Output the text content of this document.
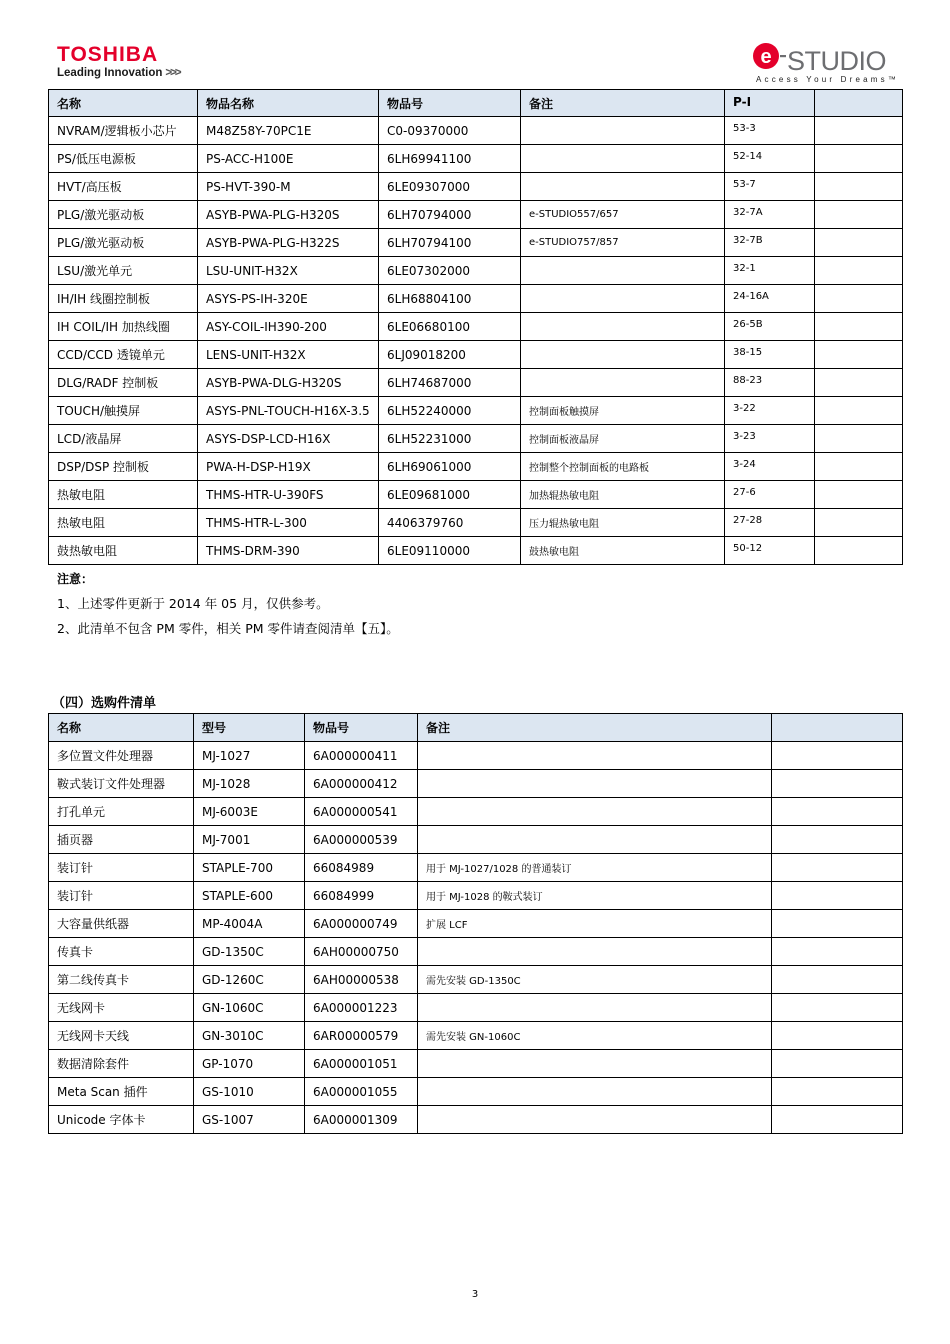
TOSHIBA
Leading Innovation >>>
e STUDIO
Access Your Dreams™
名称	物品名称	物品号	备注	P-I	
NVRAM/逻辑板小芯片	M48Z58Y-70PC1E	C0-09370000		53-3	
PS/低压电源板	PS-ACC-H100E	6LH69941100		52-14	
HVT/高压板	PS-HVT-390-M	6LE09307000		53-7	
PLG/激光驱动板	ASYB-PWA-PLG-H320S	6LH70794000	e-STUDIO557/657	32-7A	
PLG/激光驱动板	ASYB-PWA-PLG-H322S	6LH70794100	e-STUDIO757/857	32-7B	
LSU/激光单元	LSU-UNIT-H32X	6LE07302000		32-1	
IH/IH 线圈控制板	ASYS-PS-IH-320E	6LH68804100		24-16A	
IH COIL/IH 加热线圈	ASY-COIL-IH390-200	6LE06680100		26-5B	
CCD/CCD 透镜单元	LENS-UNIT-H32X	6LJ09018200		38-15	
DLG/RADF 控制板	ASYB-PWA-DLG-H320S	6LH74687000		88-23	
TOUCH/触摸屏	ASYS-PNL-TOUCH-H16X-3.5	6LH52240000	控制面板触摸屏	3-22	
LCD/液晶屏	ASYS-DSP-LCD-H16X	6LH52231000	控制面板液晶屏	3-23	
DSP/DSP 控制板	PWA-H-DSP-H19X	6LH69061000	控制整个控制面板的电路板	3-24	
热敏电阻	THMS-HTR-U-390FS	6LE09681000	加热辊热敏电阻	27-6	
热敏电阻	THMS-HTR-L-300	4406379760	压力辊热敏电阻	27-28	
鼓热敏电阻	THMS-DRM-390	6LE09110000	鼓热敏电阻	50-12	
注意：
1、上述零件更新于 2014 年 05 月，仅供参考。
2、此清单不包含 PM 零件，相关 PM 零件请查阅清单【五】。
（四）选购件清单
名称	型号	物品号	备注	
多位置文件处理器	MJ-1027	6A000000411		
鞍式装订文件处理器	MJ-1028	6A000000412		
打孔单元	MJ-6003E	6A000000541		
插页器	MJ-7001	6A000000539		
装订针	STAPLE-700	66084989	用于 MJ-1027/1028 的普通装订	
装订针	STAPLE-600	66084999	用于 MJ-1028 的鞍式装订	
大容量供纸器	MP-4004A	6A000000749	扩展 LCF	
传真卡	GD-1350C	6AH00000750		
第二线传真卡	GD-1260C	6AH00000538	需先安装 GD-1350C	
无线网卡	GN-1060C	6A000001223		
无线网卡天线	GN-3010C	6AR00000579	需先安装 GN-1060C	
数据清除套件	GP-1070	6A000001051		
Meta Scan 插件	GS-1010	6A000001055		
Unicode 字体卡	GS-1007	6A000001309		
3
